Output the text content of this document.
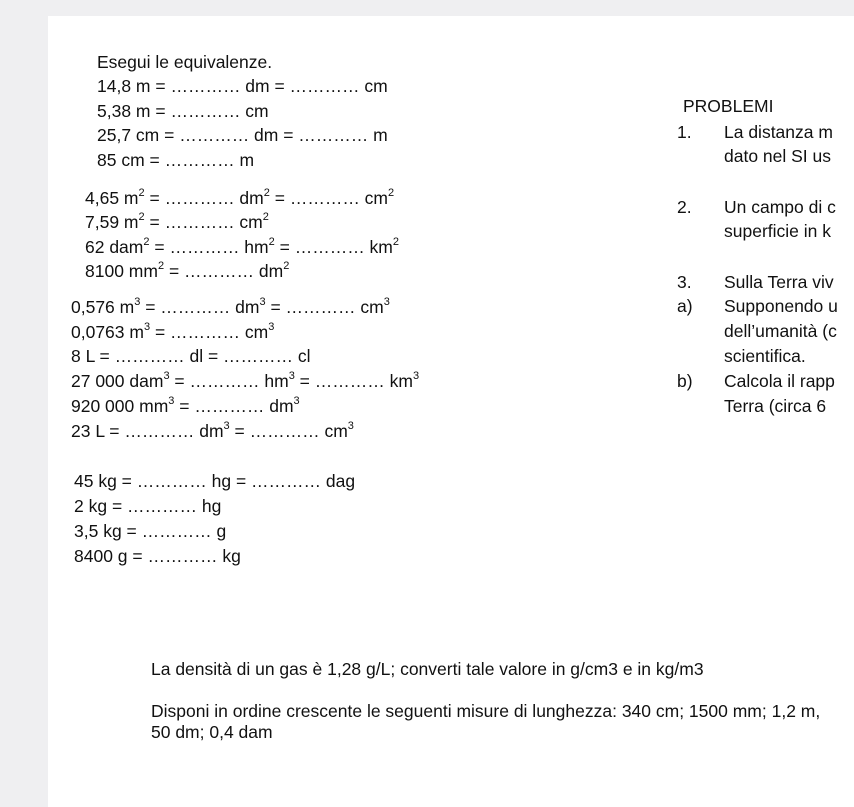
Esegui le equivalenze.
14,8 m = ………… dm = ………… cm
5,38 m = ………… cm
25,7 cm = ………… dm = ………… m
85 cm = ………… m
4,65 $m^2$ = ………… $dm^2$ = ………… $cm^2$
7,59 $m^2$ = ………… $cm^2$
62 dam$^2$ = ………… $hm^2$ = ………… $km^2$
8100 $mm^2$ = ………… $dm^2$
0,576 $m^3$ = ………… $dm^3$ = ………… $cm^3$
0,0763 $m^3$ = ………… $cm^3$
8 L = ………… dl = ………… cl
27 000 dam$^3$ = ………… $hm^3$ = ………… $km^3$
920 000 $mm^3$ = ………… $dm^3$
23 L = ………… $dm^3$ = ………… $cm^3$
45 kg = ………… hg = ………… dag
2 kg = ………… hg
3,5 kg = ………… g
8400 g = ………… kg
PROBLEMI
1. La distanza m
dato nel SI us
2. Un campo di c
superficie in k
3. Sulla Terra viv
a) Supponendo u
dell’umanità (c
scientifica.
b) Calcola il rapp
Terra (circa 6
La densità di un gas è 1,28 g/L; converti tale valore in g/cm3 e in kg/m3
Disponi in ordine crescente le seguenti misure di lunghezza: 340 cm; 1500 mm; 1,2 m, 50 dm; 0,4 dam
